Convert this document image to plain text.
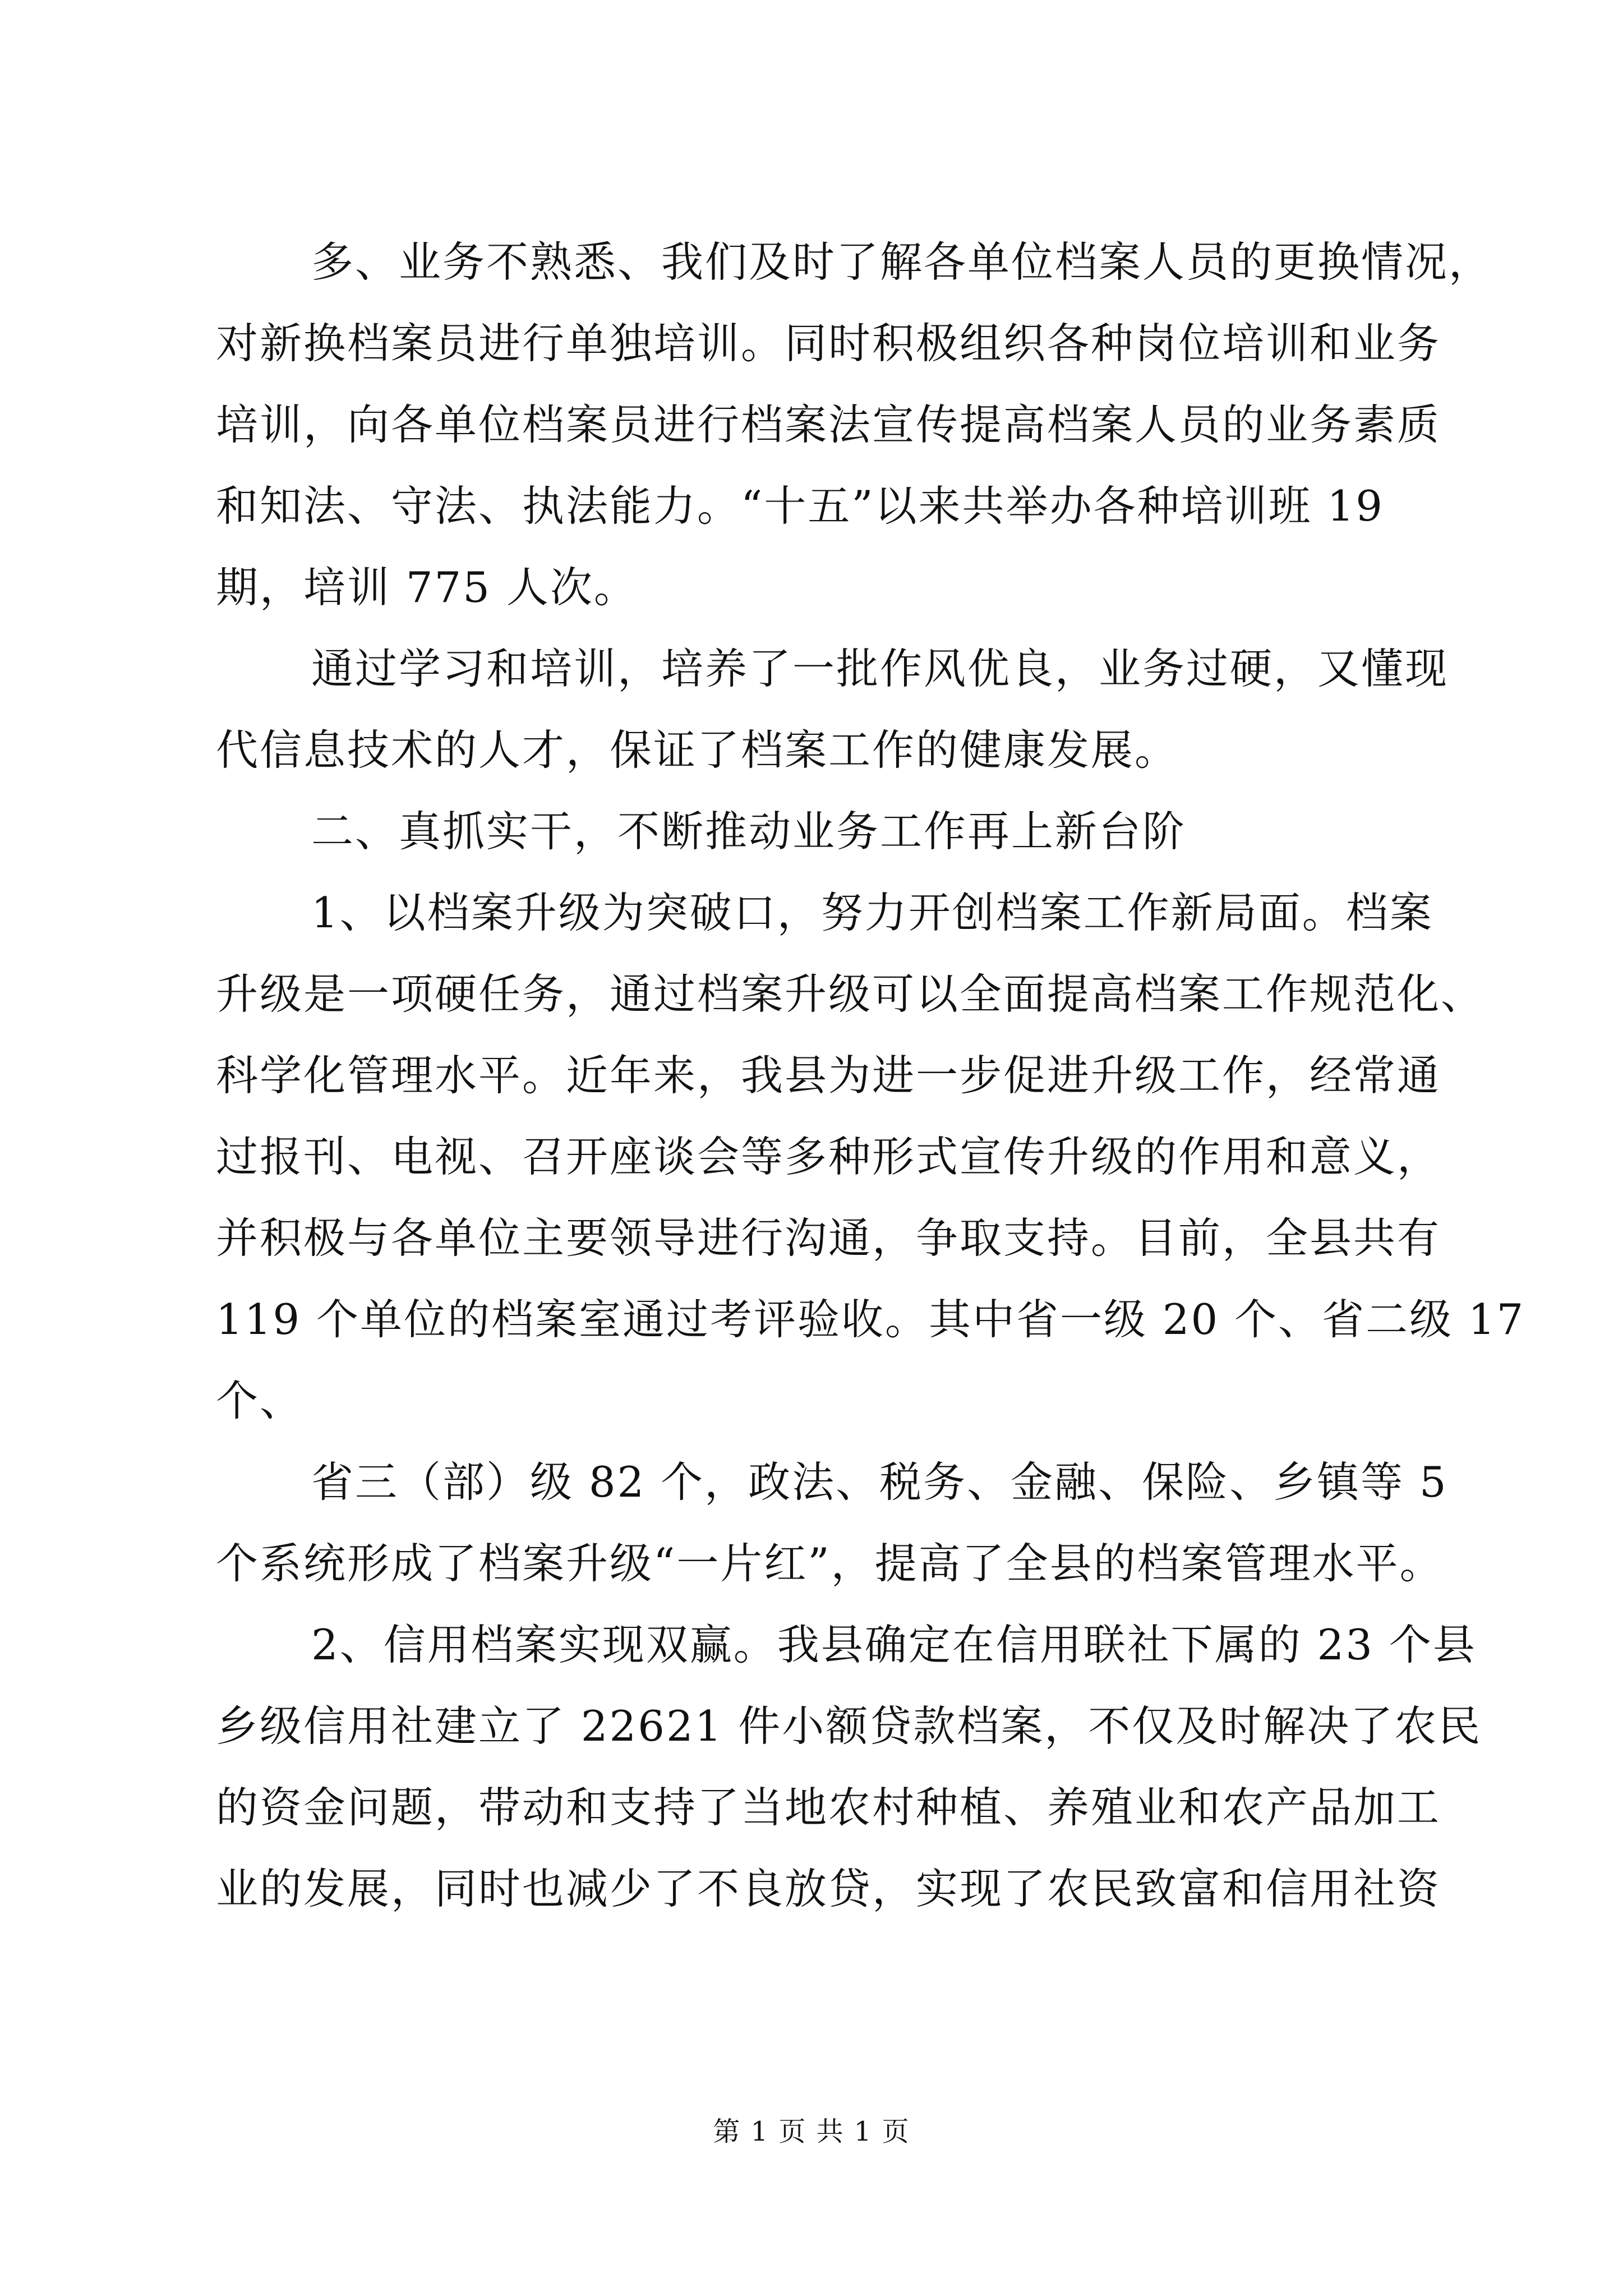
多、业务不熟悉、我们及时了解各单位档案人员的更换情况，
对新换档案员进行单独培训。同时积极组织各种岗位培训和业务
培训，向各单位档案员进行档案法宣传提高档案人员的业务素质
和知法、守法、执法能力。“十五”以来共举办各种培训班 19
期，培训 775 人次。
通过学习和培训，培养了一批作风优良，业务过硬，又懂现
代信息技术的人才，保证了档案工作的健康发展。
二、真抓实干，不断推动业务工作再上新台阶
1、以档案升级为突破口，努力开创档案工作新局面。档案
升级是一项硬任务，通过档案升级可以全面提高档案工作规范化、
科学化管理水平。近年来，我县为进一步促进升级工作，经常通
过报刊、电视、召开座谈会等多种形式宣传升级的作用和意义，
并积极与各单位主要领导进行沟通，争取支持。目前，全县共有
119 个单位的档案室通过考评验收。其中省一级 20 个、省二级 17
个、
省三（部）级 82 个，政法、税务、金融、保险、乡镇等 5
个系统形成了档案升级“一片红”，提高了全县的档案管理水平。
2、信用档案实现双赢。我县确定在信用联社下属的 23 个县
乡级信用社建立了 22621 件小额贷款档案，不仅及时解决了农民
的资金问题，带动和支持了当地农村种植、养殖业和农产品加工
业的发展，同时也减少了不良放贷，实现了农民致富和信用社资
第 1 页 共 1 页
